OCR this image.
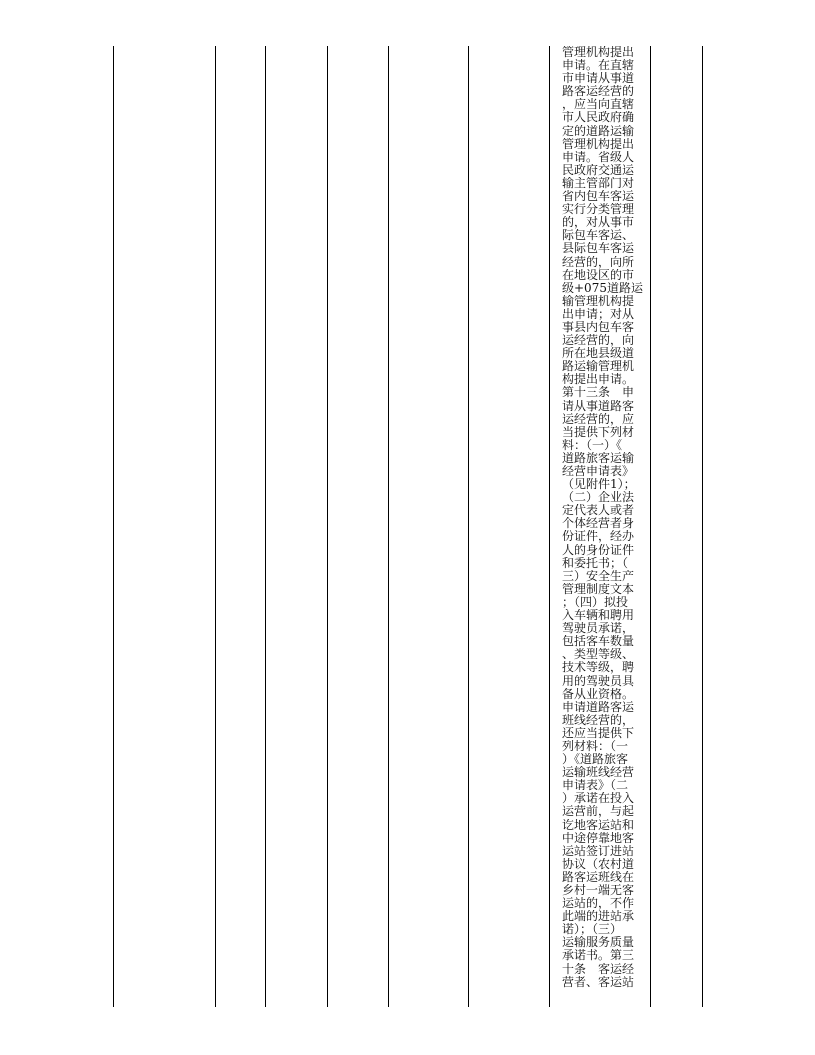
管理机构提出
申请。在直辖
市申请从事道
路客运经营的
，应当向直辖
市人民政府确
定的道路运输
管理机构提出
申请。省级人
民政府交通运
输主管部门对
省内包车客运
实行分类管理
的，对从事市
际包车客运、
县际包车客运
经营的，向所
在地设区的市
级+075道路运
输管理机构提
出申请；对从
事县内包车客
运经营的，向
所在地县级道
路运输管理机
构提出申请。
第十三条　申
请从事道路客
运经营的，应
当提供下列材
料：（一）《
道路旅客运输
经营申请表》
（见附件1）；
（二）企业法
定代表人或者
个体经营者身
份证件，经办
人的身份证件
和委托书；（
三）安全生产
管理制度文本
；（四）拟投
入车辆和聘用
驾驶员承诺，
包括客车数量
、类型等级、
技术等级，聘
用的驾驶员具
备从业资格。
申请道路客运
班线经营的，
还应当提供下
列材料：（一
）《道路旅客
运输班线经营
申请表》（二
）承诺在投入
运营前，与起
讫地客运站和
中途停靠地客
运站签订进站
协议（农村道
路客运班线在
乡村一端无客
运站的，不作
此端的进站承
诺）；（三）
运输服务质量
承诺书。第三
十条　客运经
营者、客运站
